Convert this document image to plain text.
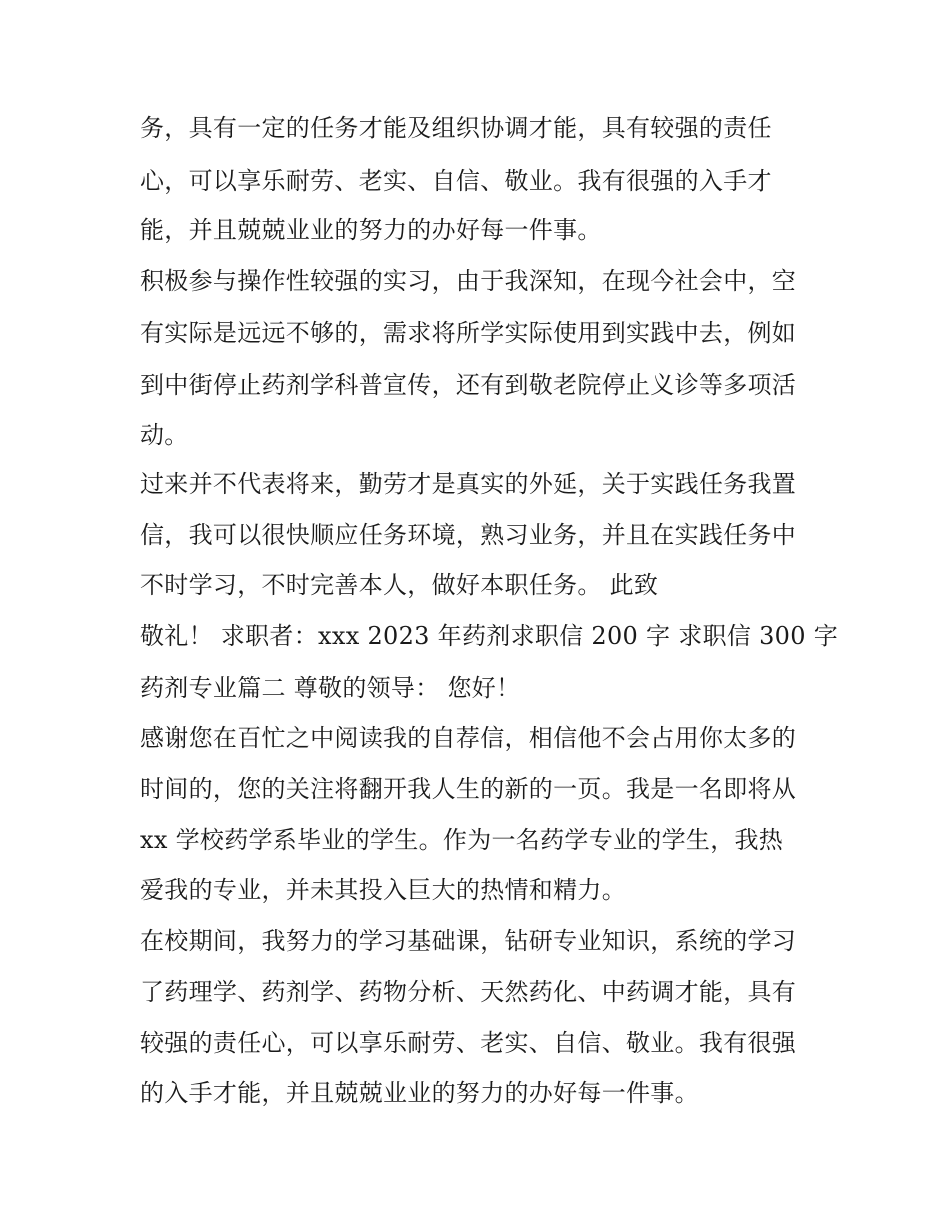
务，具有一定的任务才能及组织协调才能，具有较强的责任
心，可以享乐耐劳、老实、自信、敬业。我有很强的入手才
能，并且兢兢业业的努力的办好每一件事。
积极参与操作性较强的实习，由于我深知，在现今社会中，空
有实际是远远不够的，需求将所学实际使用到实践中去，例如
到中街停止药剂学科普宣传，还有到敬老院停止义诊等多项活
动。
过来并不代表将来，勤劳才是真实的外延，关于实践任务我置
信，我可以很快顺应任务环境，熟习业务，并且在实践任务中
不时学习，不时完善本人，做好本职任务。 此致
敬礼！ 求职者：xxx 2023 年药剂求职信 200 字 求职信 300 字
药剂专业篇二 尊敬的领导： 您好！
感谢您在百忙之中阅读我的自荐信，相信他不会占用你太多的
时间的，您的关注将翻开我人生的新的一页。我是一名即将从
xx 学校药学系毕业的学生。作为一名药学专业的学生，我热
爱我的专业，并未其投入巨大的热情和精力。
在校期间，我努力的学习基础课，钻研专业知识，系统的学习
了药理学、药剂学、药物分析、天然药化、中药调才能，具有
较强的责任心，可以享乐耐劳、老实、自信、敬业。我有很强
的入手才能，并且兢兢业业的努力的办好每一件事。
